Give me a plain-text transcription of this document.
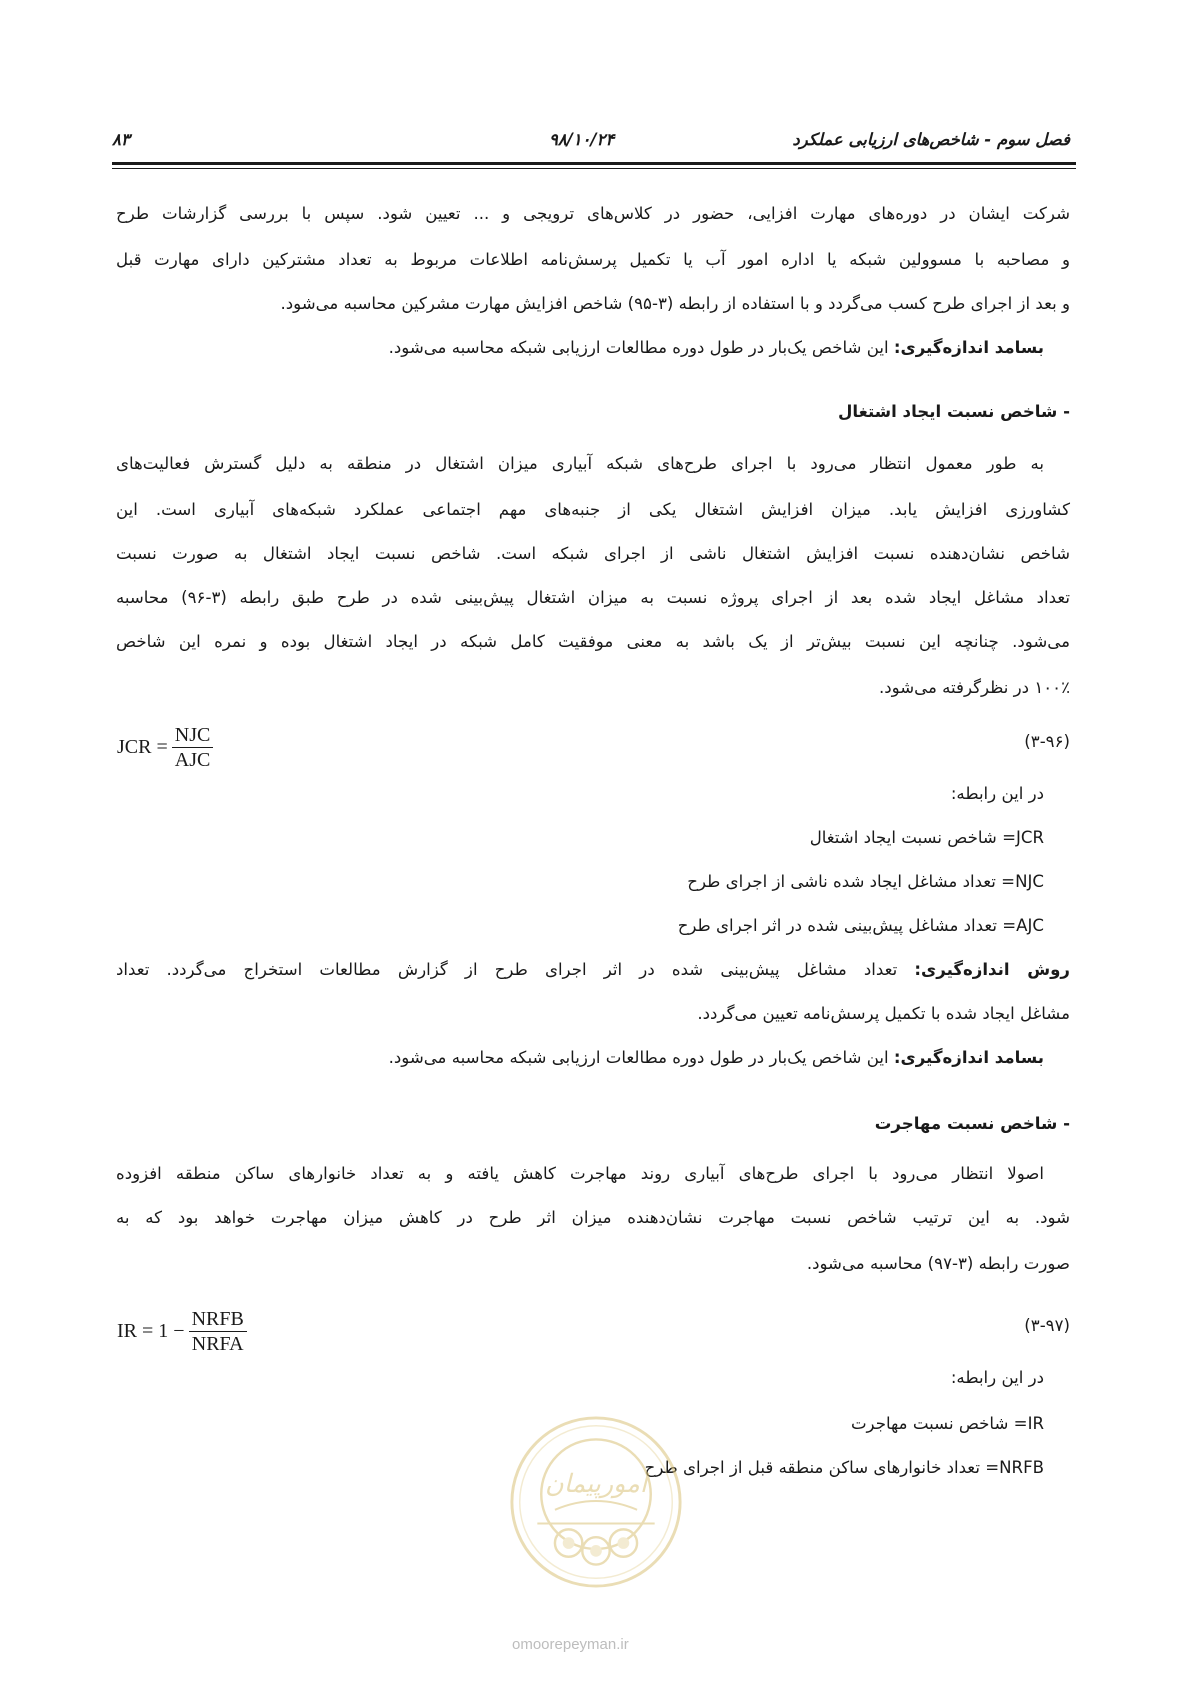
فصل سوم - شاخص‌های ارزیابی عملکرد
۹۸/۱۰/۲۴
۸۳
شرکت ایشان در دوره‌های مهارت افزایی، حضور در کلاس‌های ترویجی و ... تعیین شود. سپس با بررسی گزارشات طرح
و مصاحبه با مسوولین شبکه یا اداره امور آب یا تکمیل پرسش‌نامه اطلاعات مربوط به تعداد مشترکین دارای مهارت قبل
و بعد از اجرای طرح کسب می‌گردد و با استفاده از رابطه (۳-۹۵) شاخص افزایش مهارت مشرکین محاسبه می‌شود.
بسامد اندازه‌گیری: این شاخص یک‌بار در طول دوره مطالعات ارزیابی شبکه محاسبه می‌شود.
- شاخص نسبت ایجاد اشتغال
به طور معمول انتظار می‌رود با اجرای طرح‌های شبکه آبیاری میزان اشتغال در منطقه به دلیل گسترش فعالیت‌های
کشاورزی افزایش یابد. میزان افزایش اشتغال یکی از جنبه‌های مهم اجتماعی عملکرد شبکه‌های آبیاری است. این
شاخص نشان‌دهنده نسبت افزایش اشتغال ناشی از اجرای شبکه است. شاخص نسبت ایجاد اشتغال به صورت نسبت
تعداد مشاغل ایجاد شده بعد از اجرای پروژه نسبت به میزان اشتغال پیش‌بینی شده در طرح طبق رابطه (۳-۹۶) محاسبه
می‌شود. چنانچه این نسبت بیش‌تر از یک باشد به معنی موفقیت کامل شبکه در ایجاد اشتغال بوده و نمره این شاخص
۱۰۰٪ در نظرگرفته می‌شود.
(۳-۹۶)
JCR = $\frac{\text{NJC}}{\text{AJC}}$
در این رابطه:
JCR= شاخص نسبت ایجاد اشتغال
NJC= تعداد مشاغل ایجاد شده ناشی از اجرای طرح
AJC= تعداد مشاغل پیش‌بینی شده در اثر اجرای طرح
روش اندازه‌گیری: تعداد مشاغل پیش‌بینی شده در اثر اجرای طرح از گزارش مطالعات استخراج می‌گردد. تعداد
مشاغل ایجاد شده با تکمیل پرسش‌نامه تعیین می‌گردد.
بسامد اندازه‌گیری: این شاخص یک‌بار در طول دوره مطالعات ارزیابی شبکه محاسبه می‌شود.
- شاخص نسبت مهاجرت
اصولا انتظار می‌رود با اجرای طرح‌های آبیاری روند مهاجرت کاهش یافته و به تعداد خانوارهای ساکن منطقه افزوده
شود. به این ترتیب شاخص نسبت مهاجرت نشان‌دهنده میزان اثر طرح در کاهش میزان مهاجرت خواهد بود که به
صورت رابطه (۳-۹۷) محاسبه می‌شود.
(۳-۹۷)
IR = $1 - \frac{\text{NRFB}}{\text{NRFA}}$
در این رابطه:
IR= شاخص نسبت مهاجرت
NRFB= تعداد خانوارهای ساکن منطقه قبل از اجرای طرح
امورپیمان
omoorepeyman.ir
